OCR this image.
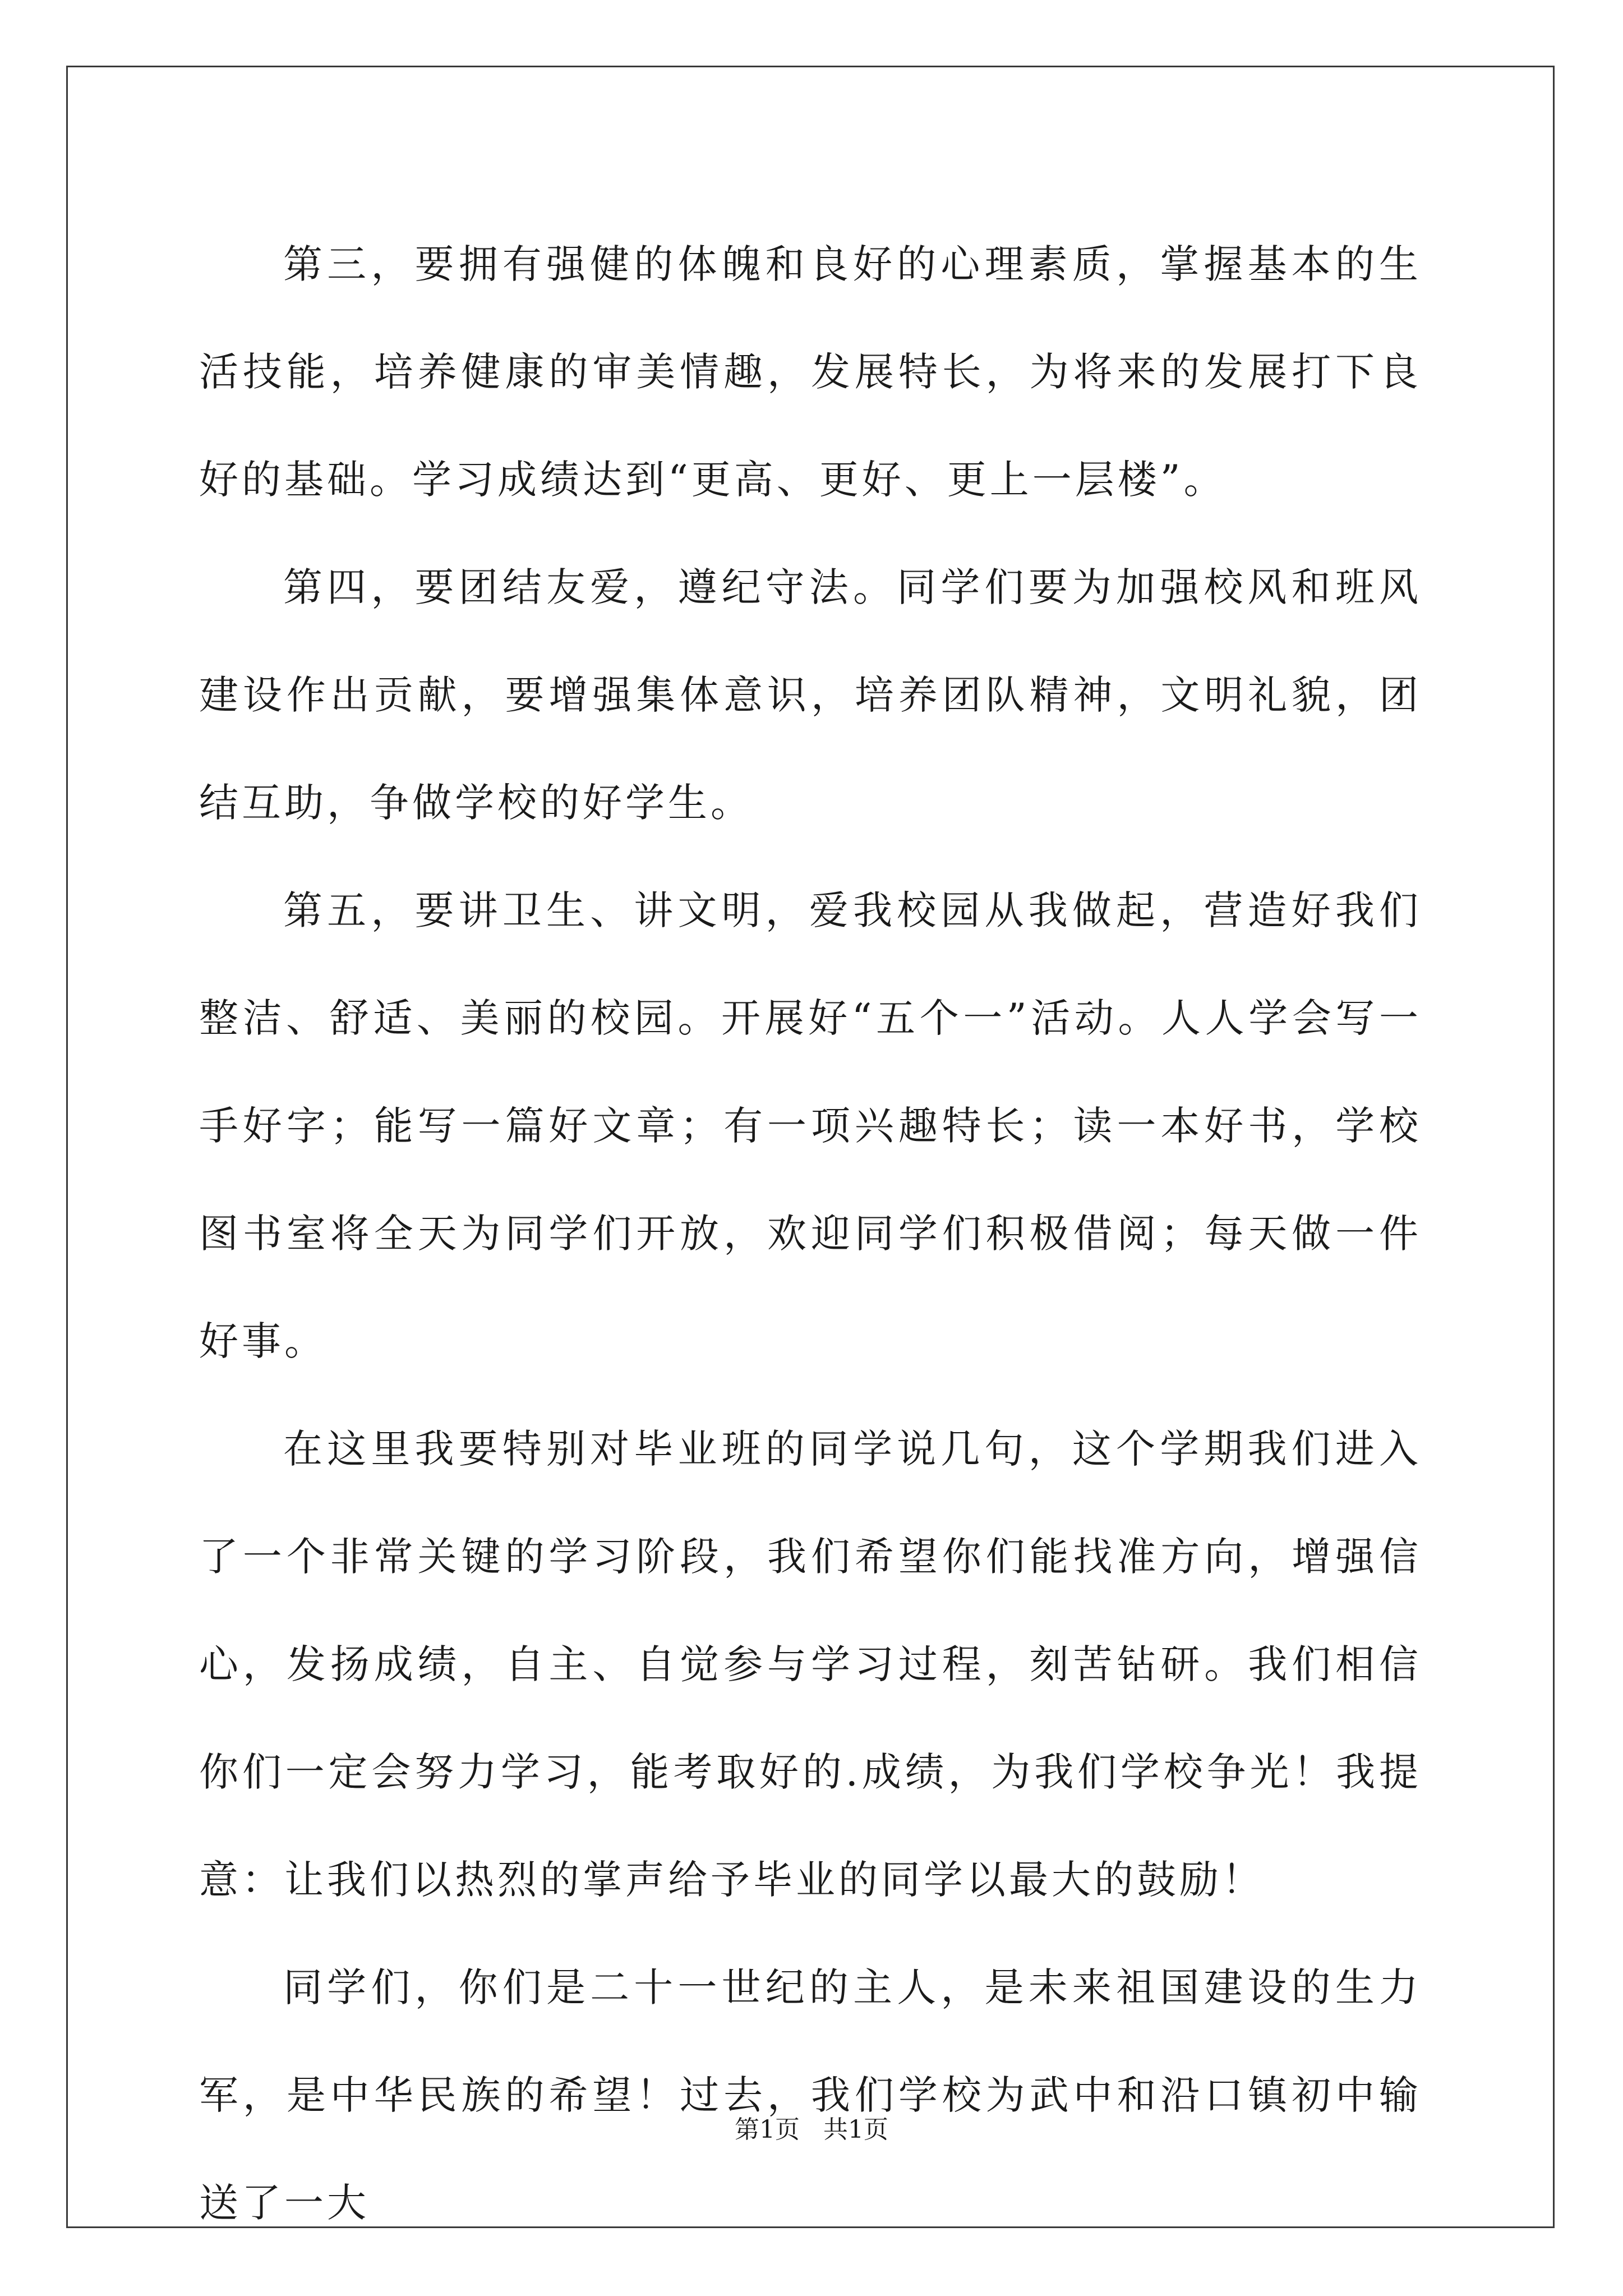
第三，要拥有强健的体魄和良好的心理素质，掌握基本的生活技能，培养健康的审美情趣，发展特长，为将来的发展打下良好的基础。学习成绩达到“更高、更好、更上一层楼”。

第四，要团结友爱，遵纪守法。同学们要为加强校风和班风建设作出贡献，要增强集体意识，培养团队精神，文明礼貌，团结互助，争做学校的好学生。

第五，要讲卫生、讲文明，爱我校园从我做起，营造好我们整洁、舒适、美丽的校园。开展好“五个一”活动。人人学会写一手好字；能写一篇好文章；有一项兴趣特长；读一本好书，学校图书室将全天为同学们开放，欢迎同学们积极借阅；每天做一件好事。

在这里我要特别对毕业班的同学说几句，这个学期我们进入了一个非常关键的学习阶段，我们希望你们能找准方向，增强信心，发扬成绩，自主、自觉参与学习过程，刻苦钻研。我们相信你们一定会努力学习，能考取好的.成绩，为我们学校争光！我提意：让我们以热烈的掌声给予毕业的同学以最大的鼓励！

同学们，你们是二十一世纪的主人，是未来祖国建设的生力军，是中华民族的希望！过去，我们学校为武中和沿口镇初中输送了一大

第1页   共1页
